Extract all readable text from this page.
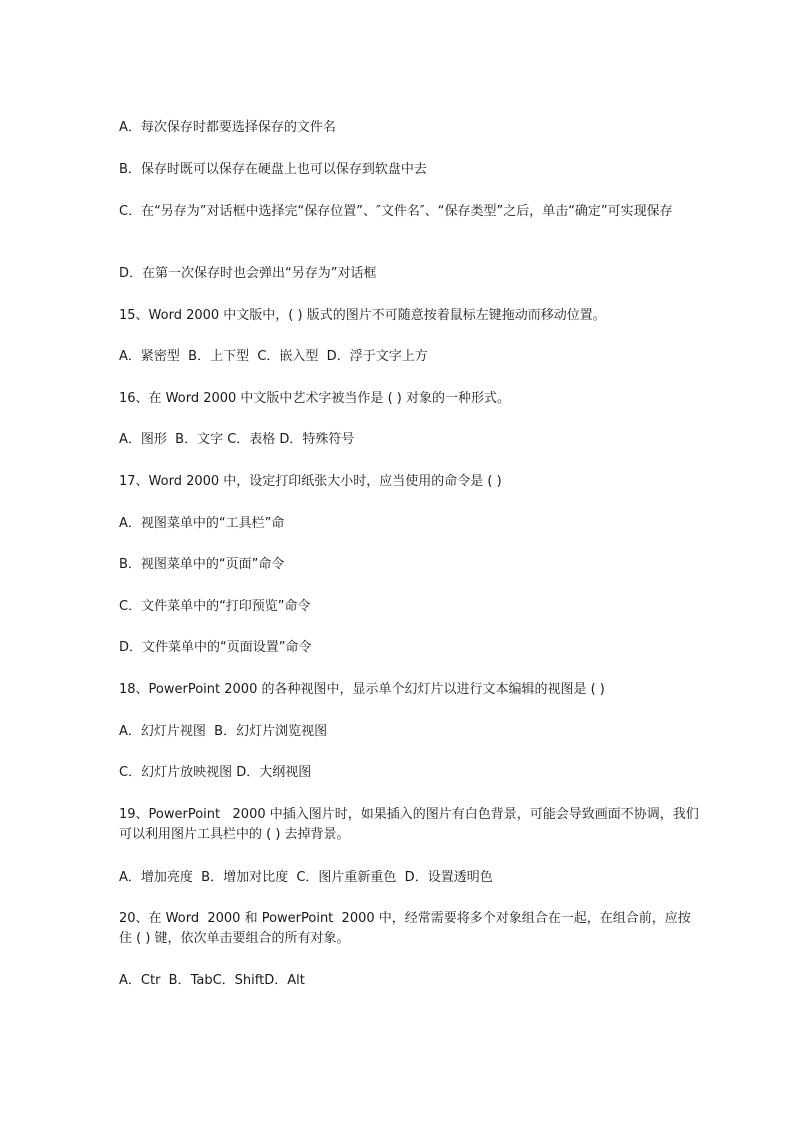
A．每次保存时都要选择保存的文件名

B．保存时既可以保存在硬盘上也可以保存到软盘中去

C．在“另存为”对话框中选择完“保存位置”、″文件名″、“保存类型”之后，单击“确定”可实现保存

D．在第一次保存时也会弹出“另存为”对话框

15、Word 2000 中文版中，( ) 版式的图片不可随意按着鼠标左键拖动而移动位置。

A．紧密型  B．上下型  C．嵌入型  D．浮于文字上方

16、在 Word 2000 中文版中艺术字被当作是 ( ) 对象的一种形式。

A．图形  B．文字 C．表格 D．特殊符号

17、Word 2000 中，设定打印纸张大小时，应当使用的命令是 ( )

A．视图菜单中的“工具栏”命

B．视图菜单中的“页面”命令

C．文件菜单中的“打印预览”命令

D．文件菜单中的“页面设置”命令

18、PowerPoint 2000 的各种视图中，显示单个幻灯片以进行文本编辑的视图是 ( )

A．幻灯片视图  B．幻灯片浏览视图

C．幻灯片放映视图 D．大纲视图

19、PowerPoint   2000 中插入图片时，如果插入的图片有白色背景，可能会导致画面不协调，我们可以利用图片工具栏中的 ( ) 去掉背景。

A．增加亮度  B．增加对比度  C．图片重新重色  D．设置透明色

20、在 Word  2000 和 PowerPoint  2000 中，经常需要将多个对象组合在一起，在组合前，应按住 ( ) 键，依次单击要组合的所有对象。

A．Ctr  B．TabC．ShiftD．Alt
